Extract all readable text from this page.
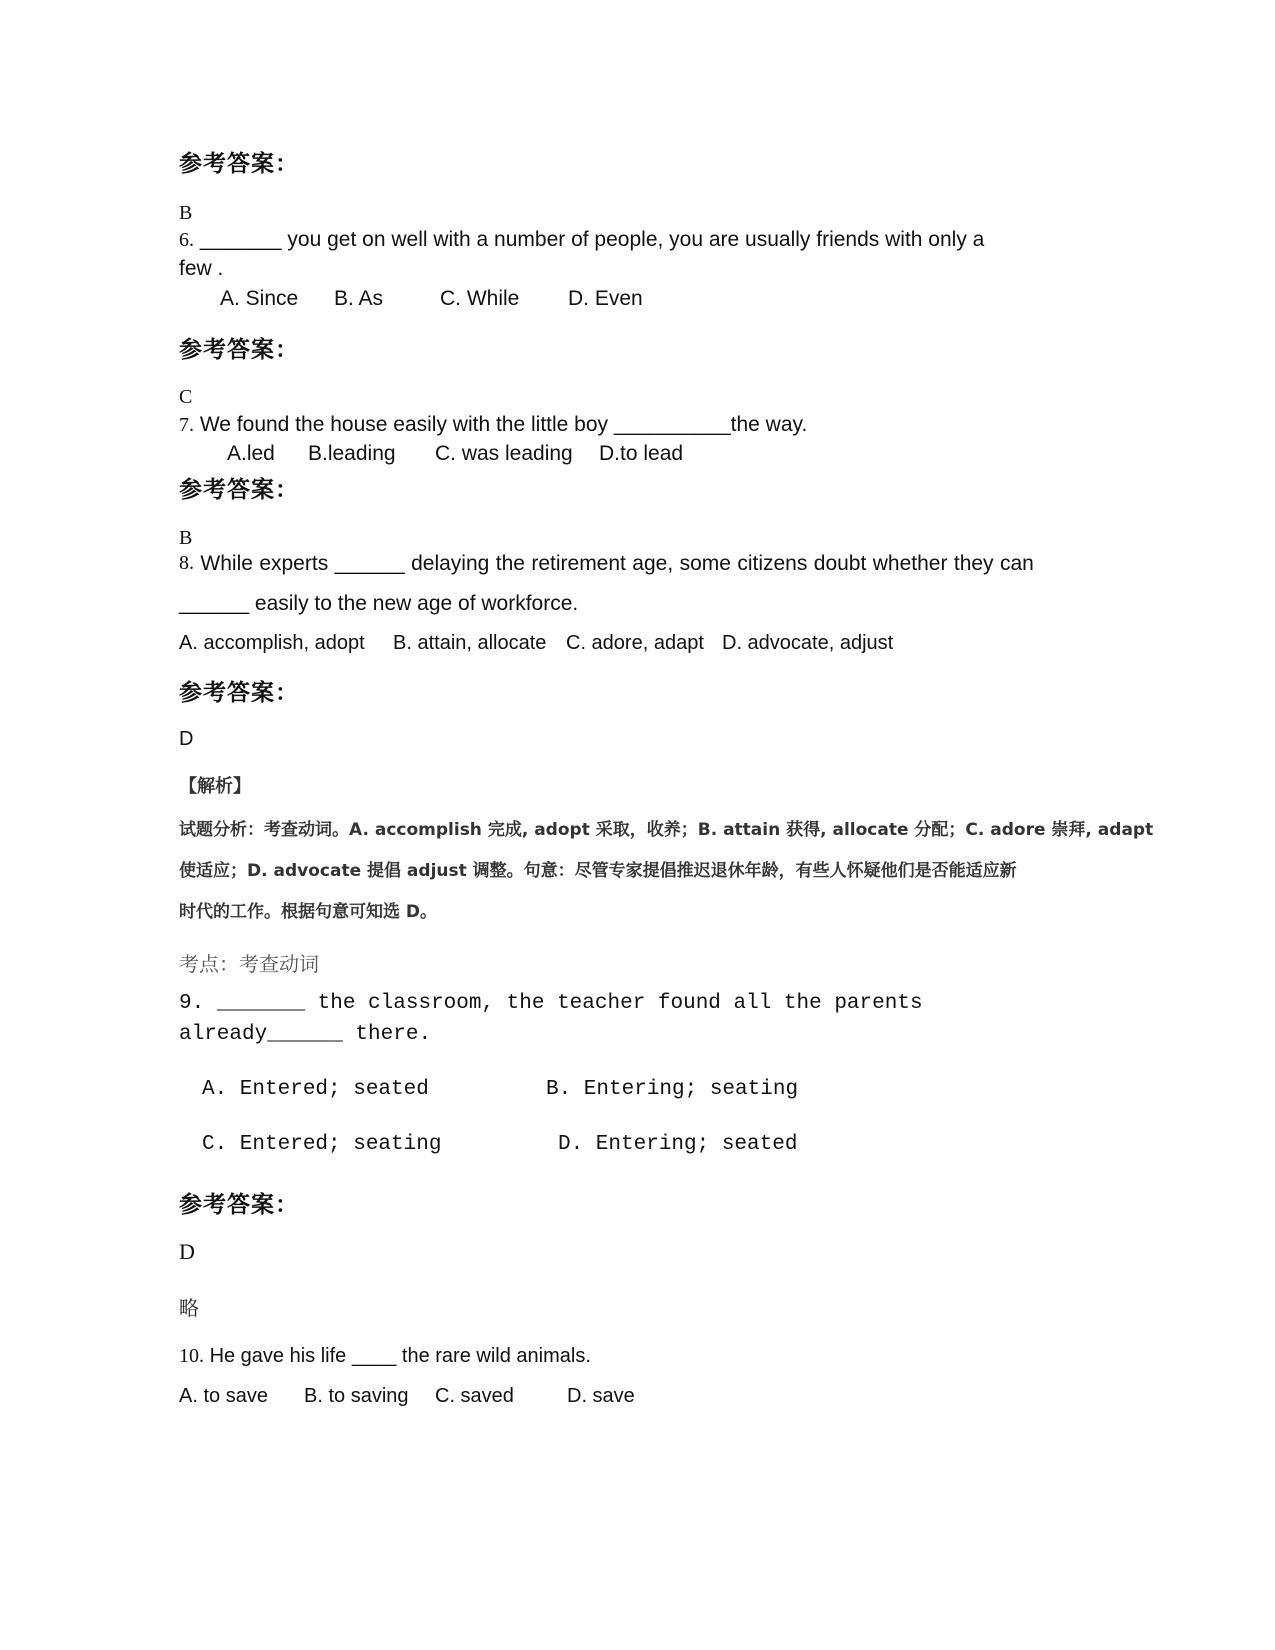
参考答案：
B
6. _______ you get on well with a number of people, you are usually friends with only a
few .
A. Since B. As	C. While D. Even
参考答案：
C
7. We found the house easily with the little boy __________the way.
A.led B.leading C. was leading D.to lead
参考答案：
B
8. While experts ______ delaying the retirement age, some citizens doubt whether they can
______ easily to the new age of workforce.
A. accomplish, adopt B. attain, allocate C. adore, adapt D. advocate, adjust
参考答案：
D
【解析】
试题分析：考查动词。A. accomplish 完成, adopt 采取，收养；B. attain 获得, allocate 分配；C. adore 崇拜, adapt
使适应；D. advocate 提倡 adjust 调整。句意：尽管专家提倡推迟退休年龄，有些人怀疑他们是否能适应新
时代的工作。根据句意可知选 D。
考点：考查动词
9. _______ the classroom, the teacher found all the parents
already______ there.
A. Entered; seated	B. Entering; seating
C. Entered; seating	D. Entering; seated
参考答案：
D
略
10. He gave his life ____ the rare wild animals.
A. to save B. to saving C. saved	D. save
